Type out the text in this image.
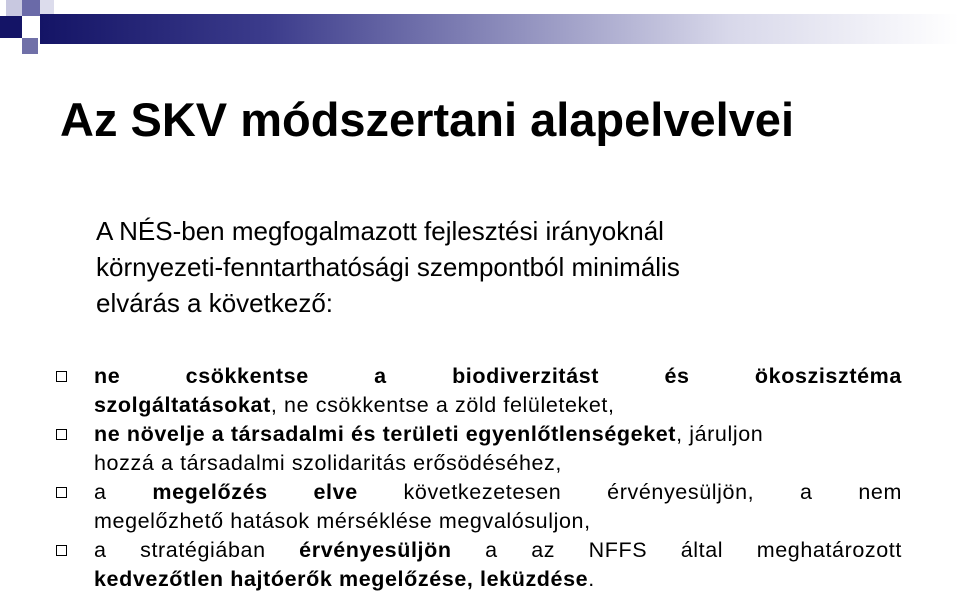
Az SKV módszertani alapelvelvei
A NÉS-ben megfogalmazott fejlesztési irányoknál
környezeti-fenntarthatósági szempontból minimális
elvárás a következő:
ne	csökkentse	a	biodiverzitást	és	ökoszisztéma
szolgáltatásokat, ne csökkentse a zöld felületeket,
ne növelje a társadalmi és területi egyenlőtlenségeket, járuljon
hozzá a társadalmi szolidaritás erősödéséhez,
a megelőzés elve következetesen érvényesüljön, a nem
megelőzhető hatások mérséklése megvalósuljon,
a stratégiában érvényesüljön a az NFFS által meghatározott
kedvezőtlen hajtóerők megelőzése, leküzdése.
